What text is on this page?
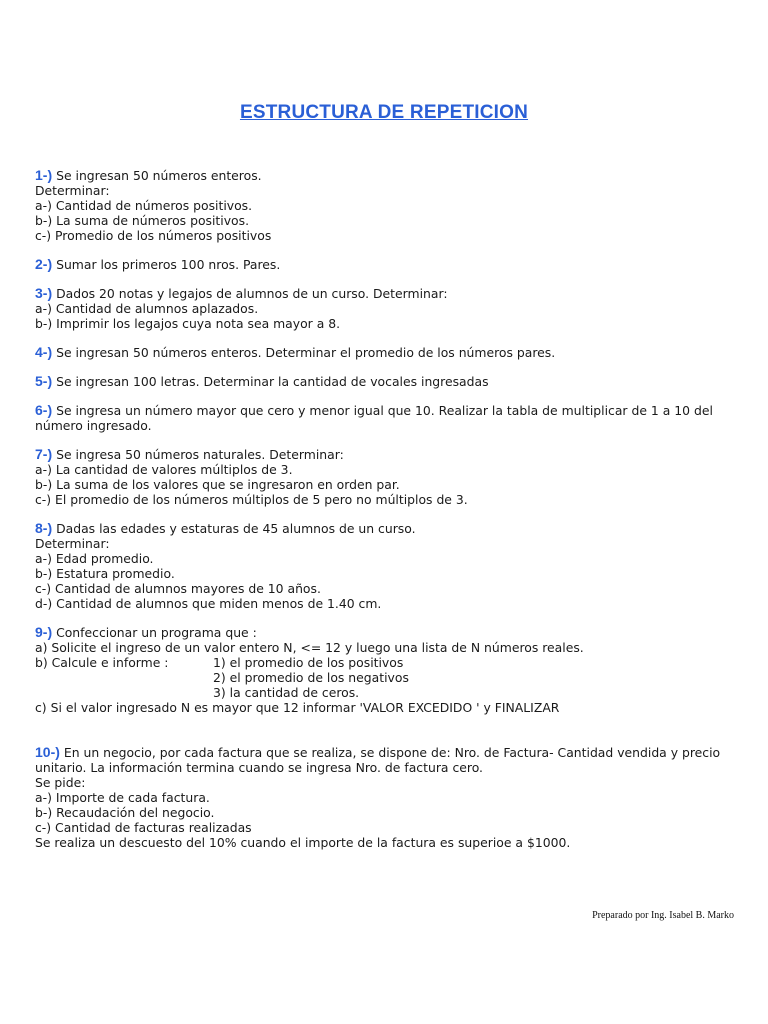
ESTRUCTURA DE REPETICION
1-) Se ingresan 50 números enteros.
Determinar:
a-) Cantidad de números positivos.
b-) La suma de números positivos.
c-) Promedio de los números positivos
2-) Sumar los primeros 100 nros. Pares.
3-) Dados 20 notas y legajos de alumnos de un curso. Determinar:
a-) Cantidad de alumnos aplazados.
b-) Imprimir los legajos cuya nota sea mayor a 8.
4-) Se ingresan 50 números enteros. Determinar el promedio de los números pares.
5-) Se ingresan 100 letras. Determinar la cantidad de vocales ingresadas
6-) Se ingresa un número mayor que cero y menor igual que 10. Realizar la tabla de multiplicar de 1 a 10 del número ingresado.
7-) Se ingresa 50 números naturales. Determinar:
a-) La cantidad de valores múltiplos de 3.
b-) La suma de los valores que se ingresaron en orden par.
c-) El promedio de los números múltiplos de 5 pero no múltiplos de 3.
8-) Dadas las edades y estaturas de 45 alumnos de un curso.
Determinar:
a-) Edad promedio.
b-) Estatura promedio.
c-) Cantidad de alumnos mayores de 10 años.
d-) Cantidad de alumnos que miden menos de 1.40 cm.
9-) Confeccionar un programa que :
a) Solicite el ingreso de un valor entero N, <= 12 y luego una lista de N números reales.
b) Calcule e informe :	1) el promedio de los positivos
2) el promedio de los negativos
3) la cantidad de ceros.
c) Si el valor ingresado N es mayor que 12 informar 'VALOR EXCEDIDO ' y FINALIZAR
10-) En un negocio, por cada factura que se realiza, se dispone de: Nro. de Factura- Cantidad vendida y precio unitario. La información termina cuando se ingresa Nro. de factura cero.
Se pide:
a-) Importe de cada factura.
b-) Recaudación del negocio.
c-) Cantidad de facturas realizadas
Se realiza un descuesto del 10% cuando el importe de la factura es superioe a $1000.
Preparado por Ing. Isabel B. Marko
